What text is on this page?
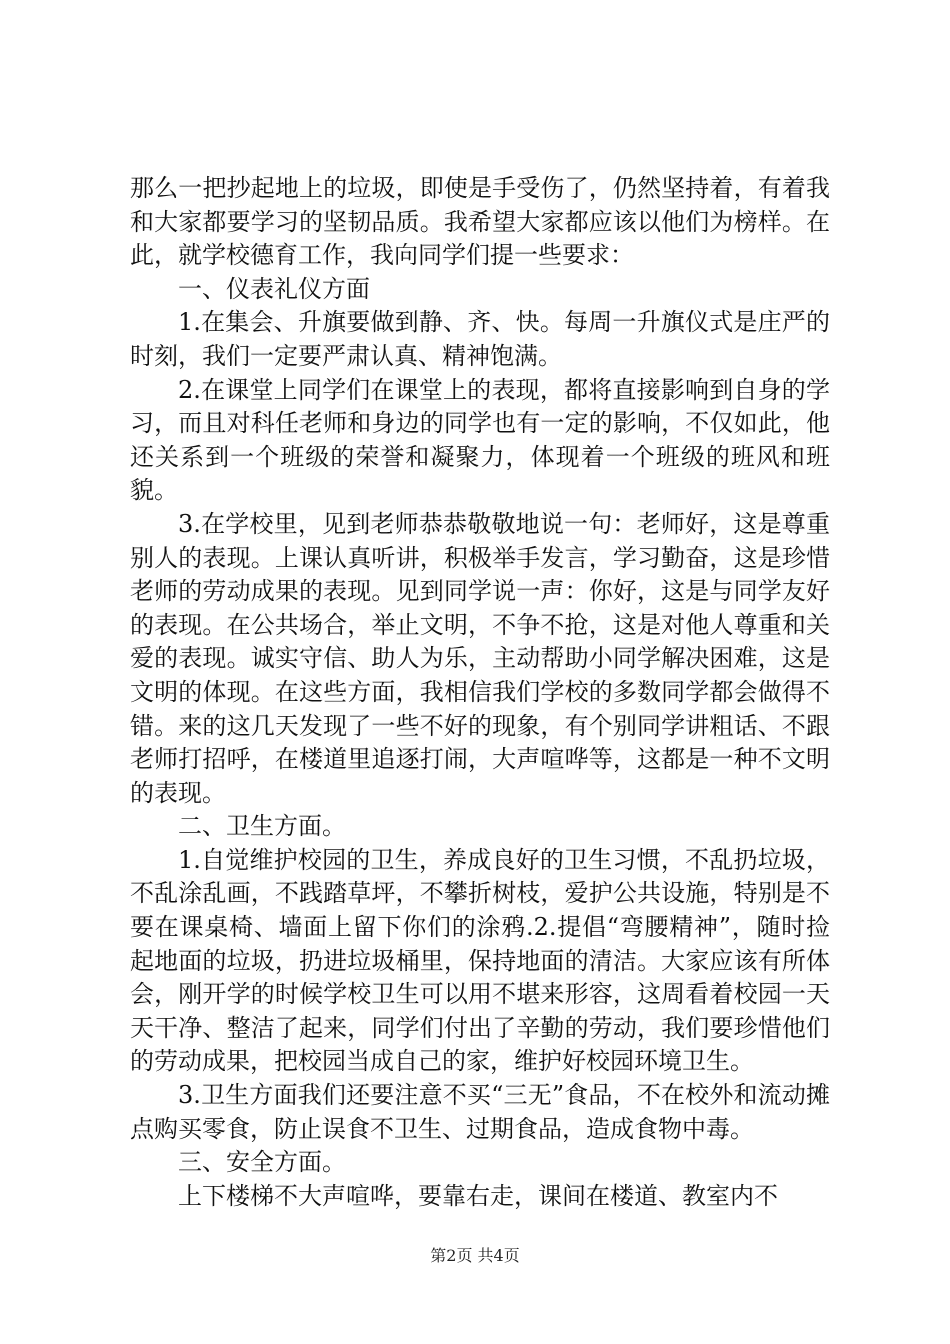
那么一把抄起地上的垃圾，即使是手受伤了，仍然坚持着，有着我和大家都要学习的坚韧品质。我希望大家都应该以他们为榜样。在此，就学校德育工作，我向同学们提一些要求：

一、仪表礼仪方面

1.在集会、升旗要做到静、齐、快。每周一升旗仪式是庄严的时刻，我们一定要严肃认真、精神饱满。

2.在课堂上同学们在课堂上的表现，都将直接影响到自身的学习，而且对科任老师和身边的同学也有一定的影响，不仅如此，他还关系到一个班级的荣誉和凝聚力，体现着一个班级的班风和班貌。

3.在学校里，见到老师恭恭敬敬地说一句：老师好，这是尊重别人的表现。上课认真听讲，积极举手发言，学习勤奋，这是珍惜老师的劳动成果的表现。见到同学说一声：你好，这是与同学友好的表现。在公共场合，举止文明，不争不抢，这是对他人尊重和关爱的表现。诚实守信、助人为乐，主动帮助小同学解决困难，这是文明的体现。在这些方面，我相信我们学校的多数同学都会做得不错。来的这几天发现了一些不好的现象，有个别同学讲粗话、不跟老师打招呼，在楼道里追逐打闹，大声喧哗等，这都是一种不文明的表现。

二、卫生方面。

1.自觉维护校园的卫生，养成良好的卫生习惯，不乱扔垃圾，不乱涂乱画，不践踏草坪，不攀折树枝，爱护公共设施，特别是不要在课桌椅、墙面上留下你们的涂鸦.2.提倡“弯腰精神”，随时捡起地面的垃圾，扔进垃圾桶里，保持地面的清洁。大家应该有所体会，刚开学的时候学校卫生可以用不堪来形容，这周看着校园一天天干净、整洁了起来，同学们付出了辛勤的劳动，我们要珍惜他们的劳动成果，把校园当成自己的家，维护好校园环境卫生。

3.卫生方面我们还要注意不买“三无”食品，不在校外和流动摊点购买零食，防止误食不卫生、过期食品，造成食物中毒。

三、安全方面。

上下楼梯不大声喧哗，要靠右走，课间在楼道、教室内不

第2页 共4页
